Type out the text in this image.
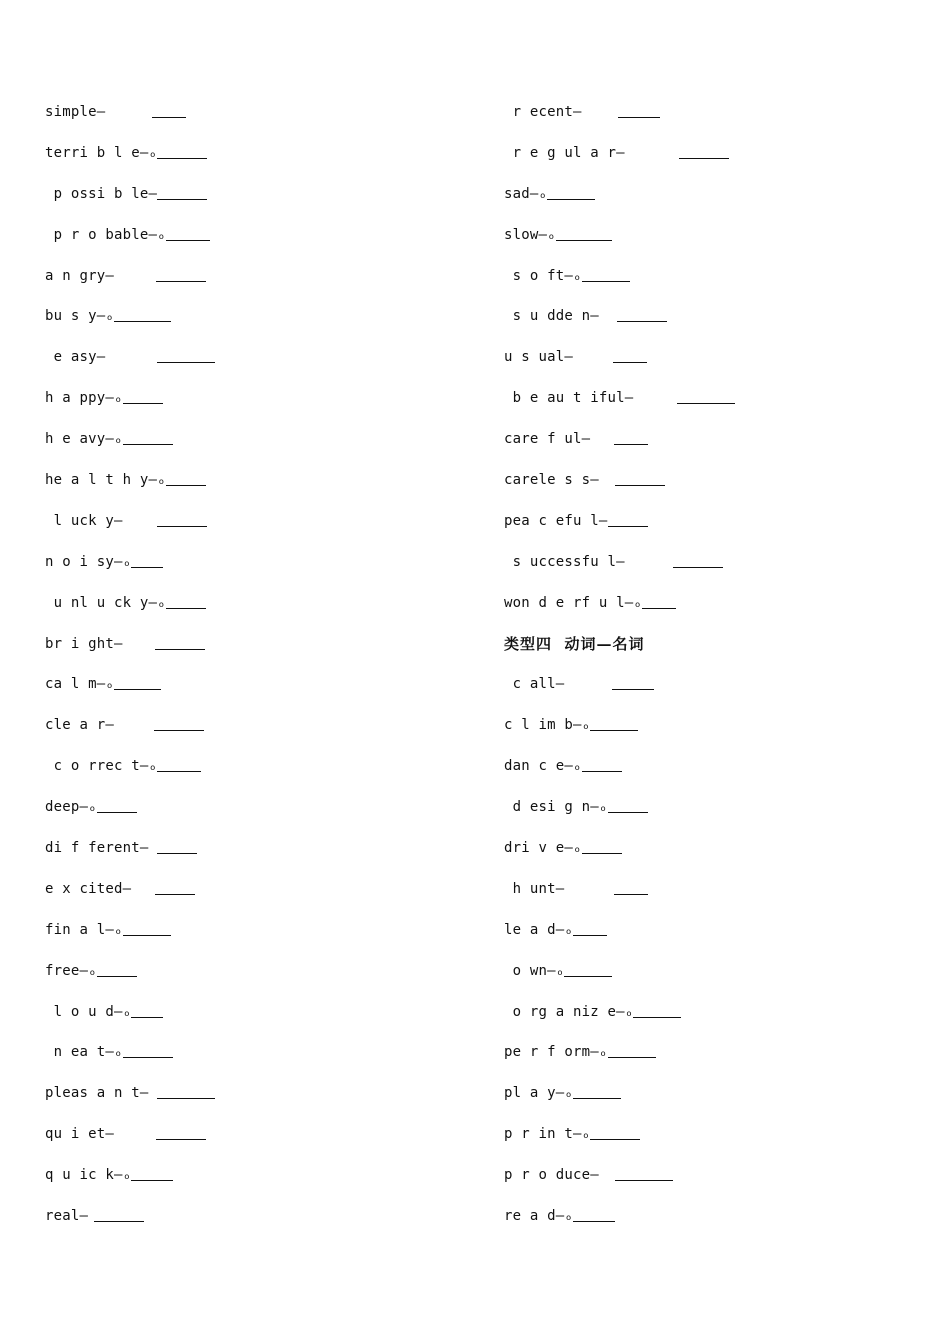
simple—
terri b l e—ₒ
p ossi b le—
p r o bable—ₒ
a n gry—
bu s y—ₒ
e asy—
h a ppy—ₒ
h e avy—ₒ
he a l t h y—ₒ
l uck y—
n o i sy—ₒ
u nl u ck y—ₒ
br i ght—
ca l m—ₒ
cle a r—
c o rrec t—ₒ
deep—ₒ
di f ferent—
e x cited—
fin a l—ₒ
free—ₒ
l o u d—ₒ
n ea t—ₒ
pleas a n t—
qu i et—
q u ic k—ₒ
real—
r ecent—
r e g ul a r—
sad—ₒ
slow—ₒ
s o ft—ₒ
s u dde n—
u s ual—
b e au t iful—
care f ul—
carele s s—
pea c efu l—
s uccessfu l—
won d e rf u l—ₒ
类型四  动词—名词
c all—
c l im b—ₒ
dan c e—ₒ
d esi g n—ₒ
dri v e—ₒ
h unt—
le a d—ₒ
o wn—ₒ
o rg a niz e—ₒ
pe r f orm—ₒ
pl a y—ₒ
p r in t—ₒ
p r o duce—
re a d—ₒ
